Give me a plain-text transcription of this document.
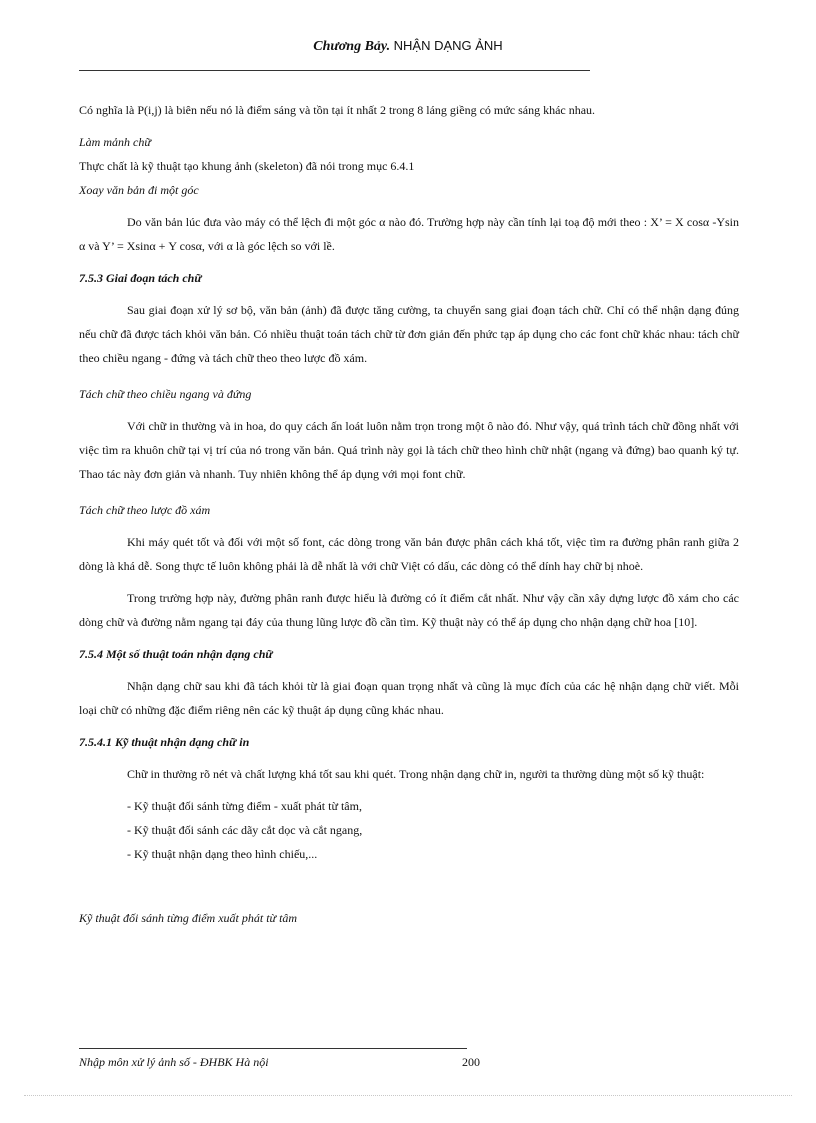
Chương Bảy. NHẬN DẠNG ẢNH

Có nghĩa là P(i,j) là biên nếu nó là điểm sáng và tồn tại ít nhất 2 trong 8 láng giềng có mức sáng khác nhau.

Làm mảnh chữ

Thực chất là kỹ thuật tạo khung ảnh (skeleton) đã nói trong mục 6.4.1

Xoay văn bản đi một góc

Do văn bản lúc đưa vào máy có thể lệch đi một góc α nào đó. Trường hợp này cần tính lại toạ độ mới theo : X’ = X cosα -Ysin α và Y’ = Xsinα + Y cosα, với α là góc lệch so với lề.

7.5.3 Giai đoạn tách chữ

Sau giai đoạn xử lý sơ bộ, văn bản (ảnh) đã được tăng cường, ta chuyển sang giai đoạn tách chữ. Chỉ có thể nhận dạng đúng nếu chữ đã được tách khỏi văn bản. Có nhiều thuật toán tách chữ từ đơn giản đến phức tạp áp dụng cho các font chữ khác nhau: tách chữ theo chiều ngang - đứng và tách chữ theo theo lược đồ xám.

Tách chữ theo chiều ngang và đứng

Với chữ in thường và in hoa, do quy cách ấn loát luôn nằm trọn trong một ô nào đó. Như vậy, quá trình tách chữ đồng nhất với việc tìm ra khuôn chữ tại vị trí của nó trong văn bản. Quá trình này gọi là tách chữ theo hình chữ nhật (ngang và đứng) bao quanh ký tự. Thao tác này đơn giản và nhanh. Tuy nhiên không thể áp dụng với mọi font chữ.

Tách chữ theo lược đồ xám

Khi máy quét tốt và đối với một số font, các dòng trong văn bản được phân cách khá tốt, việc tìm ra đường phân ranh giữa 2 dòng là khá dễ. Song thực tế luôn không phải là dễ nhất là với chữ Việt có dấu, các dòng có thể dính hay chữ bị nhoè.

Trong trường hợp này, đường phân ranh được hiểu là đường có ít điểm cắt nhất. Như vậy cần xây dựng lược đồ xám cho các dòng chữ và đường nằm ngang tại đáy của thung lũng lược đồ cần tìm. Kỹ thuật này có thể áp dụng cho nhận dạng chữ hoa [10].

7.5.4 Một số thuật toán nhận dạng chữ

Nhận dạng chữ sau khi đã tách khỏi từ là giai đoạn quan trọng nhất và cũng là mục đích của các hệ nhận dạng chữ viết. Mỗi loại chữ có những đặc điểm riêng nên các kỹ thuật áp dụng cũng khác nhau.

7.5.4.1 Kỹ thuật nhận dạng chữ in

Chữ in thường rõ nét và chất lượng khá tốt sau khi quét. Trong nhận dạng chữ in, người ta thường dùng một số kỹ thuật:

- Kỹ thuật đối sánh từng điểm - xuất phát từ tâm,

- Kỹ thuật đối sánh các dãy cắt dọc và cắt ngang,

- Kỹ thuật nhận dạng theo hình chiếu,...

Kỹ thuật đối sánh từng điểm xuất phát từ tâm

Nhập môn xử lý ảnh số - ĐHBK Hà nội	200
